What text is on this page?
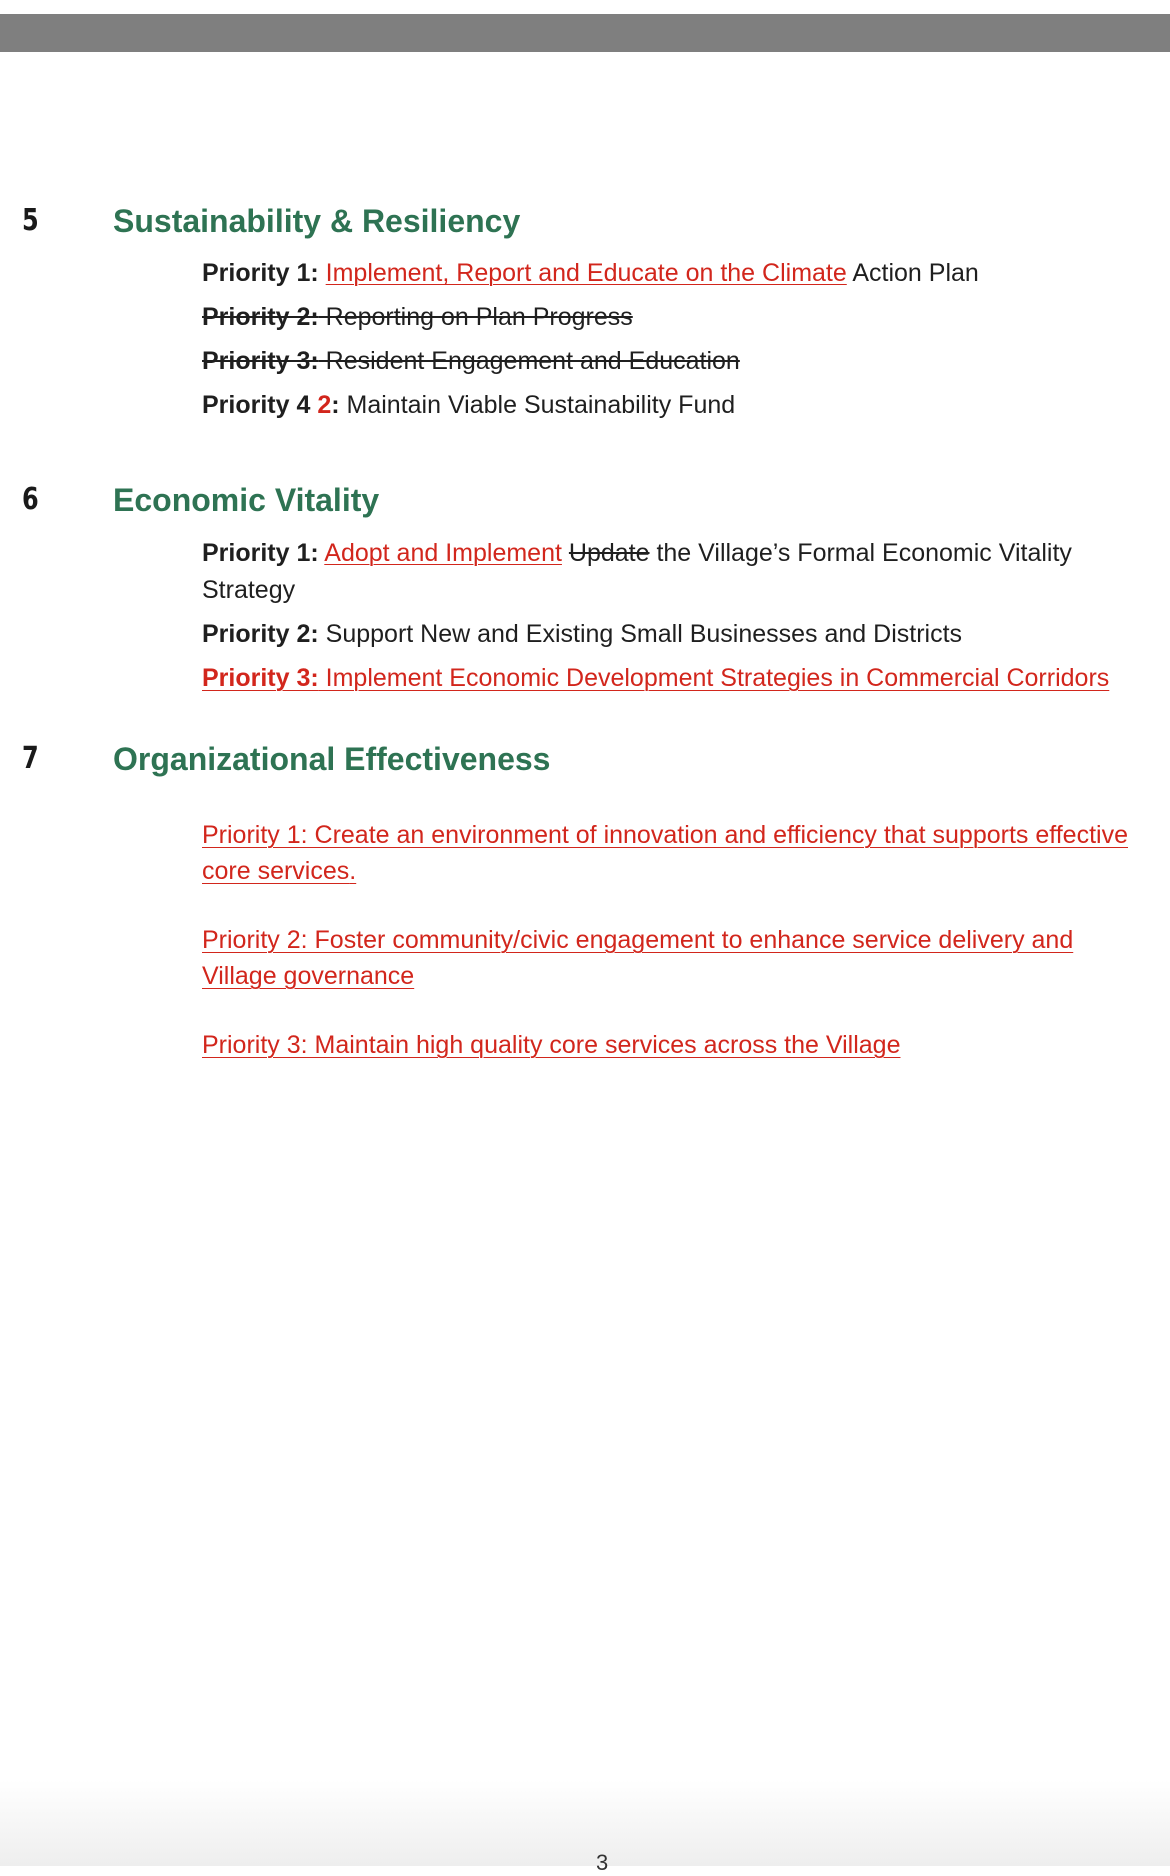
5 Sustainability & Resiliency
Priority 1: Implement, Report and Educate on the Climate Action Plan
Priority 2: Reporting on Plan Progress
Priority 3: Resident Engagement and Education
Priority 4 2: Maintain Viable Sustainability Fund
6 Economic Vitality
Priority 1: Adopt and Implement Update the Village’s Formal Economic Vitality Strategy
Priority 2: Support New and Existing Small Businesses and Districts
Priority 3: Implement Economic Development Strategies in Commercial Corridors
7 Organizational Effectiveness
Priority 1: Create an environment of innovation and efficiency that supports effective core services.
Priority 2: Foster community/civic engagement to enhance service delivery and Village governance
Priority 3: Maintain high quality core services across the Village
3
